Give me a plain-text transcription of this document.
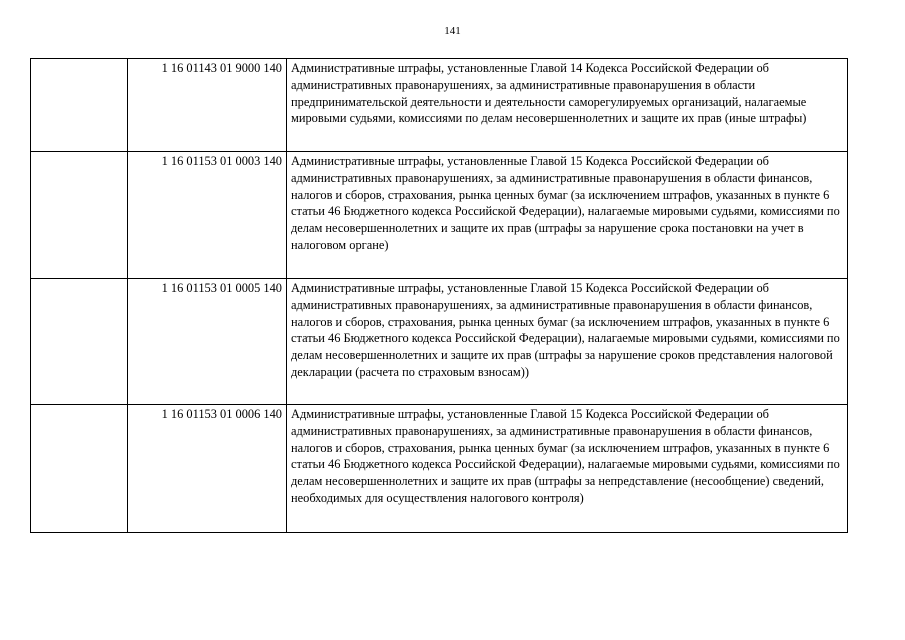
141
	1 16 01143 01 9000 140	Административные штрафы, установленные Главой 14 Кодекса Российской Федерации об административных правонарушениях, за административные правонарушения в области предпринимательской деятельности и деятельности саморегулируемых организаций, налагаемые мировыми судьями, комиссиями по делам несовершеннолетних и защите их прав (иные штрафы)
	1 16 01153 01 0003 140	Административные штрафы, установленные Главой 15 Кодекса Российской Федерации об административных правонарушениях, за административные правонарушения в области финансов, налогов и сборов, страхования, рынка ценных бумаг (за исключением штрафов, указанных в пункте 6 статьи 46 Бюджетного кодекса Российской Федерации), налагаемые мировыми судьями, комиссиями по делам несовершеннолетних и защите их прав (штрафы за нарушение срока постановки на учет в налоговом органе)
	1 16 01153 01 0005 140	Административные штрафы, установленные Главой 15 Кодекса Российской Федерации об административных правонарушениях, за административные правонарушения в области финансов, налогов и сборов, страхования, рынка ценных бумаг (за исключением штрафов, указанных в пункте 6 статьи 46 Бюджетного кодекса Российской Федерации), налагаемые мировыми судьями, комиссиями по делам несовершеннолетних и защите их прав (штрафы за нарушение сроков представления налоговой декларации (расчета по страховым взносам))
	1 16 01153 01 0006 140	Административные штрафы, установленные Главой 15 Кодекса Российской Федерации об административных правонарушениях, за административные правонарушения в области финансов, налогов и сборов, страхования, рынка ценных бумаг (за исключением штрафов, указанных в пункте 6 статьи 46 Бюджетного кодекса Российской Федерации), налагаемые мировыми судьями, комиссиями по делам несовершеннолетних и защите их прав (штрафы за непредставление (несообщение) сведений, необходимых для осуществления налогового контроля)
